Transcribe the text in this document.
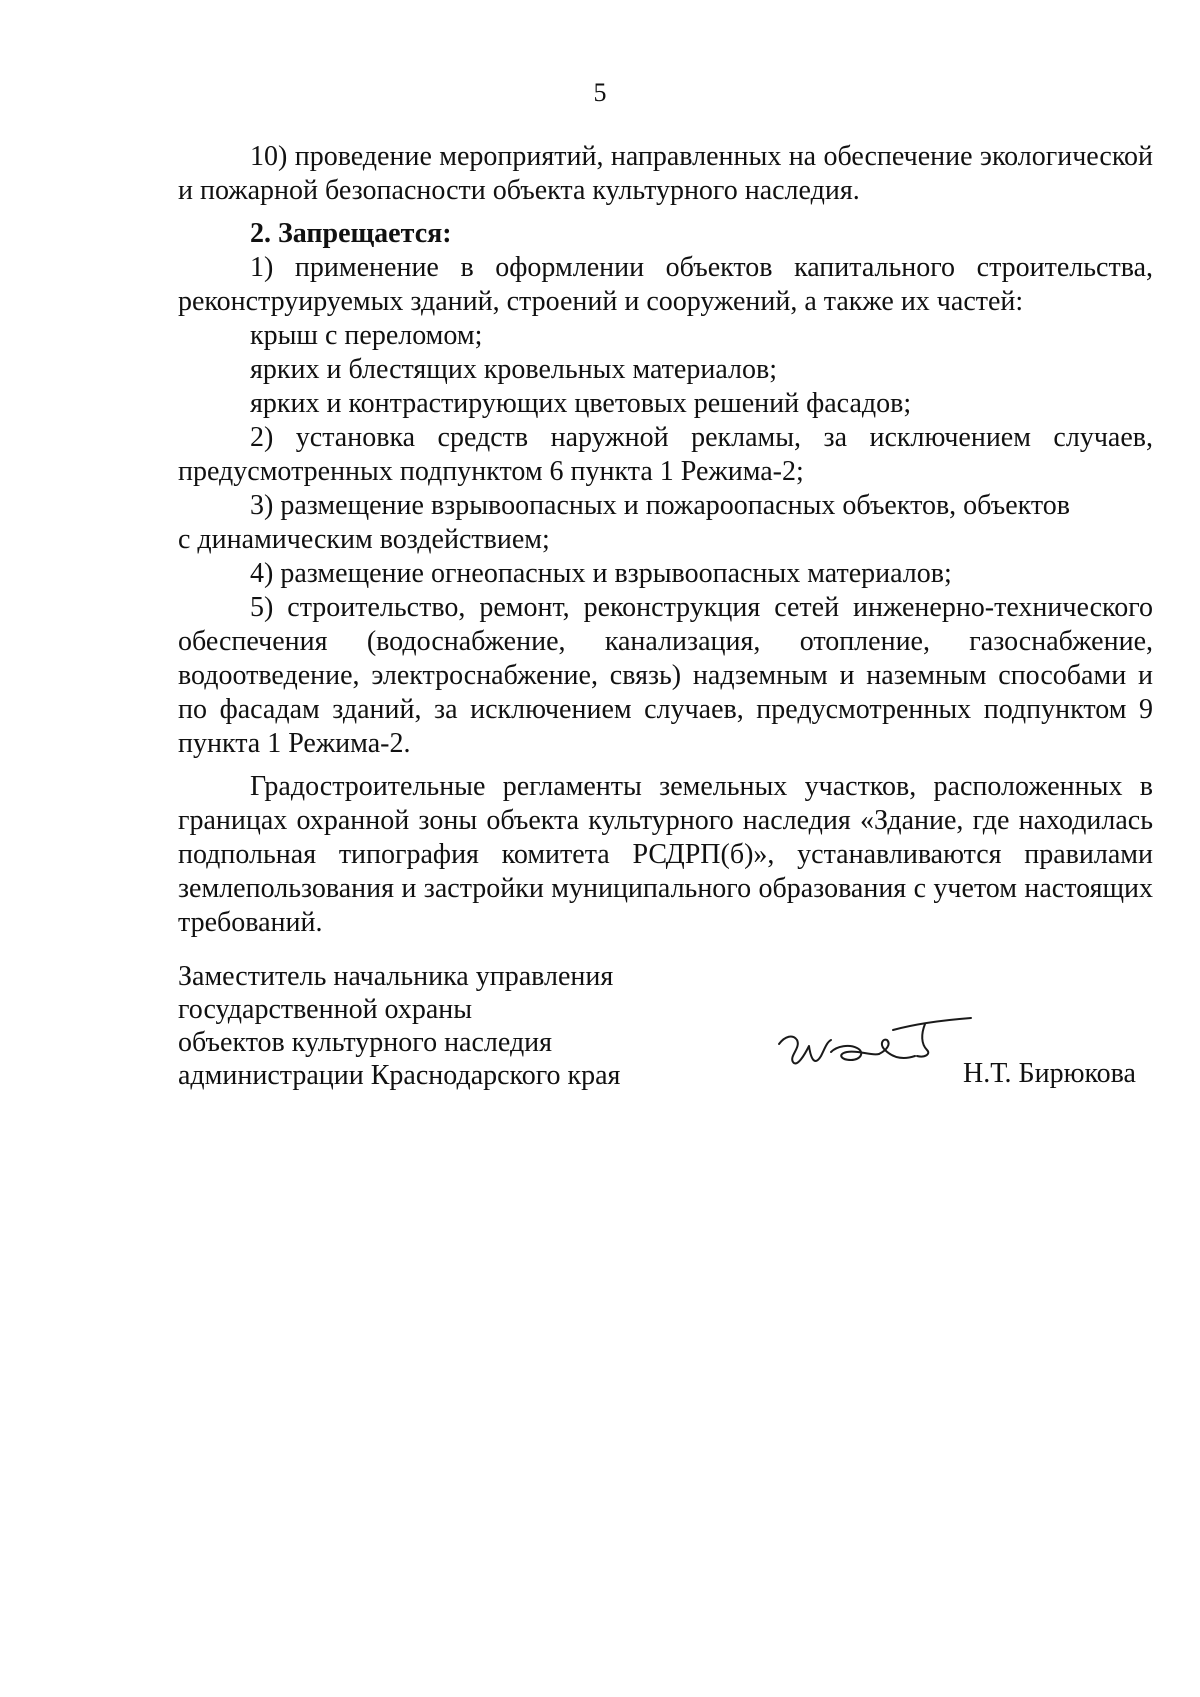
5

10) проведение мероприятий, направленных на обеспечение экологической и пожарной безопасности объекта культурного наследия.

2. Запрещается:

1) применение в оформлении объектов капитального строительства, реконструируемых зданий, строений и сооружений, а также их частей:

крыш с переломом;

ярких и блестящих кровельных материалов;

ярких и контрастирующих цветовых решений фасадов;

2) установка средств наружной рекламы, за исключением случаев, предусмотренных подпунктом 6 пункта 1 Режима-2;

3) размещение взрывоопасных и пожароопасных объектов, объектов

с динамическим воздействием;

4) размещение огнеопасных и взрывоопасных материалов;

5) строительство, ремонт, реконструкция сетей инженерно-технического обеспечения (водоснабжение, канализация, отопление, газоснабжение, водоотведение, электроснабжение, связь) надземным и наземным способами и по фасадам зданий, за исключением случаев, предусмотренных подпунктом 9 пункта 1 Режима-2.

Градостроительные регламенты земельных участков, расположенных в границах охранной зоны объекта культурного наследия «Здание, где находилась подпольная типография комитета РСДРП(б)», устанавливаются правилами землепользования и застройки муниципального образования с учетом настоящих требований.

Заместитель начальника управления
государственной охраны
объектов культурного наследия
администрации Краснодарского края	Н.Т. Бирюкова
